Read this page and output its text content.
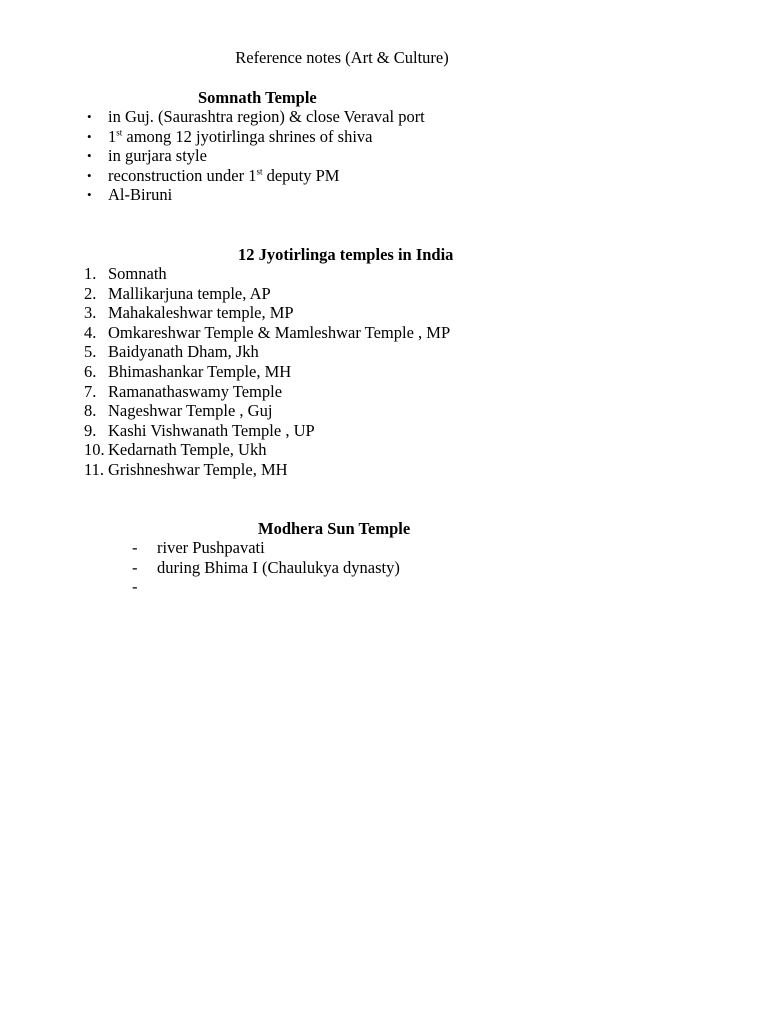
Reference notes (Art & Culture)
Somnath Temple
• in Guj. (Saurashtra region) & close Veraval port
• 1st among 12 jyotirlinga shrines of shiva
• in gurjara style
• reconstruction under 1st deputy PM
• Al-Biruni
12 Jyotirlinga temples in India
1. Somnath
2. Mallikarjuna temple, AP
3. Mahakaleshwar temple, MP
4. Omkareshwar Temple & Mamleshwar Temple , MP
5. Baidyanath Dham, Jkh
6. Bhimashankar Temple, MH
7. Ramanathaswamy Temple
8. Nageshwar Temple , Guj
9. Kashi Vishwanath Temple , UP
10. Kedarnath Temple, Ukh
11. Grishneshwar Temple, MH
Modhera Sun Temple
- river Pushpavati
- during Bhima I (Chaulukya dynasty)
-
